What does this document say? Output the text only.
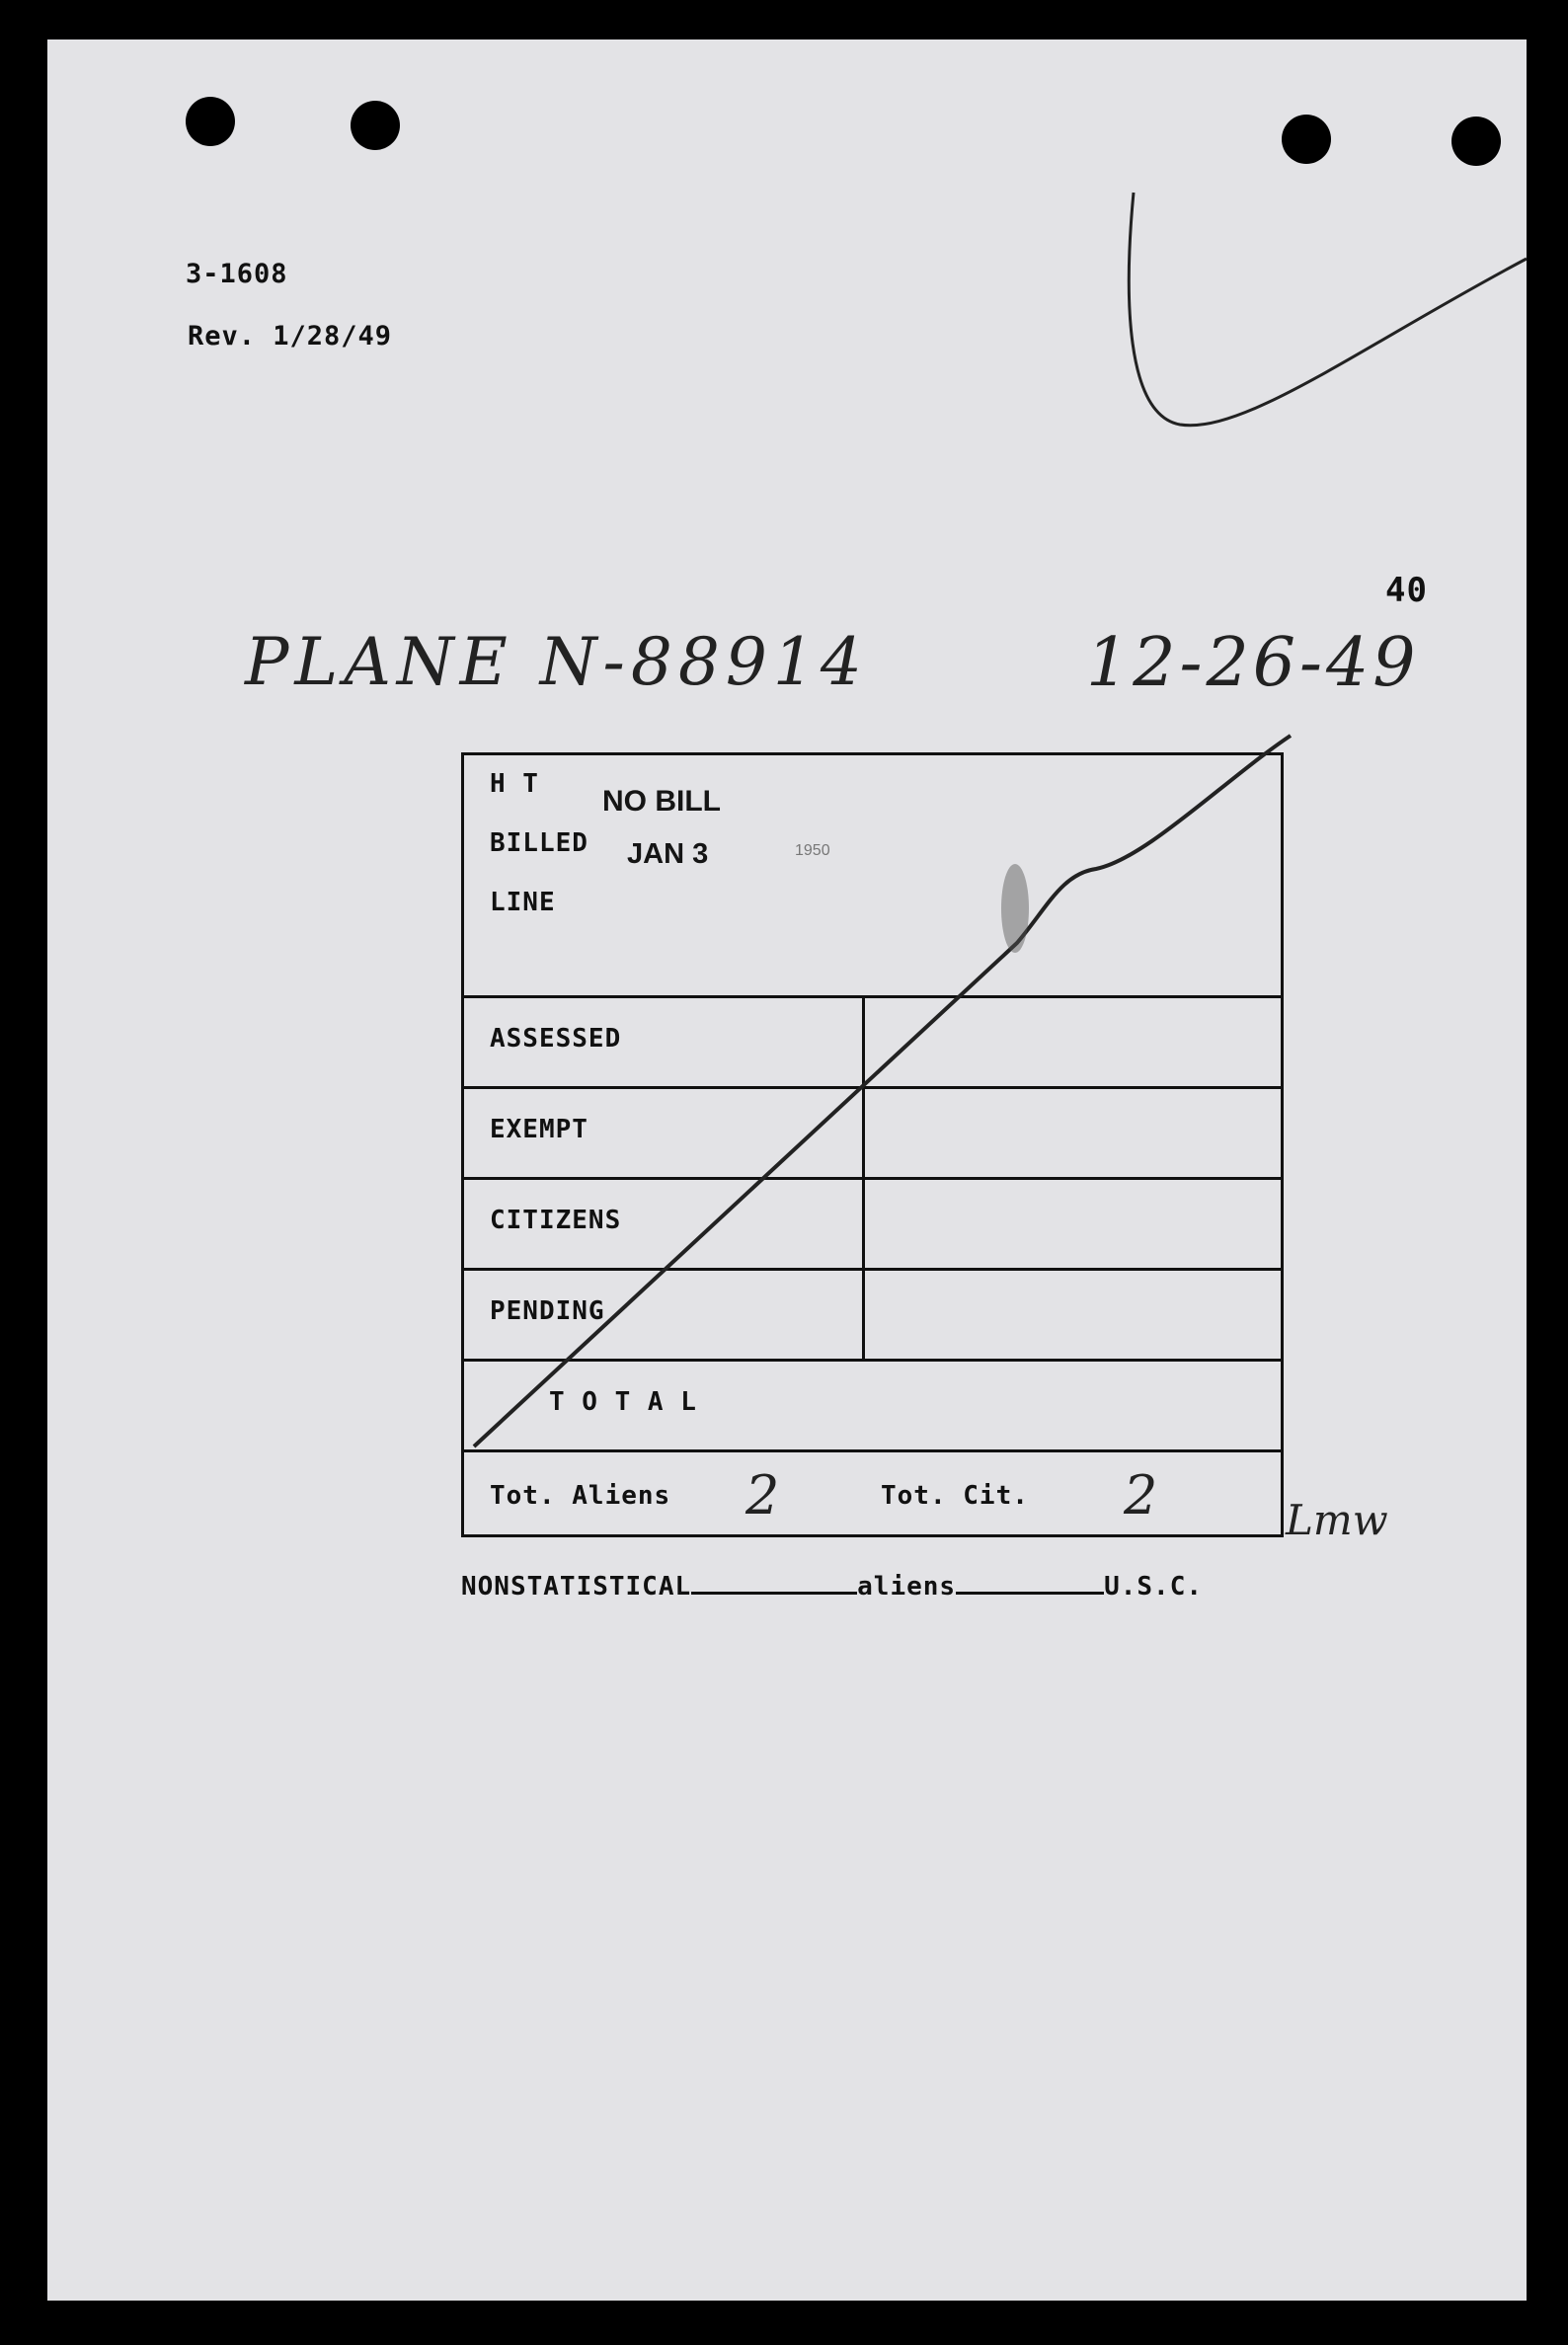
3-1608
Rev. 1/28/49
40
PLANE N-88914	12-26-49
H T
BILLED
LINE
NO BILL
JAN 3	1950
ASSESSED
EXEMPT
CITIZENS
PENDING
T O T A L
Tot. Aliens 2	Tot. Cit. 2	Lmw
NONSTATISTICAL	aliens	U.S.C.
